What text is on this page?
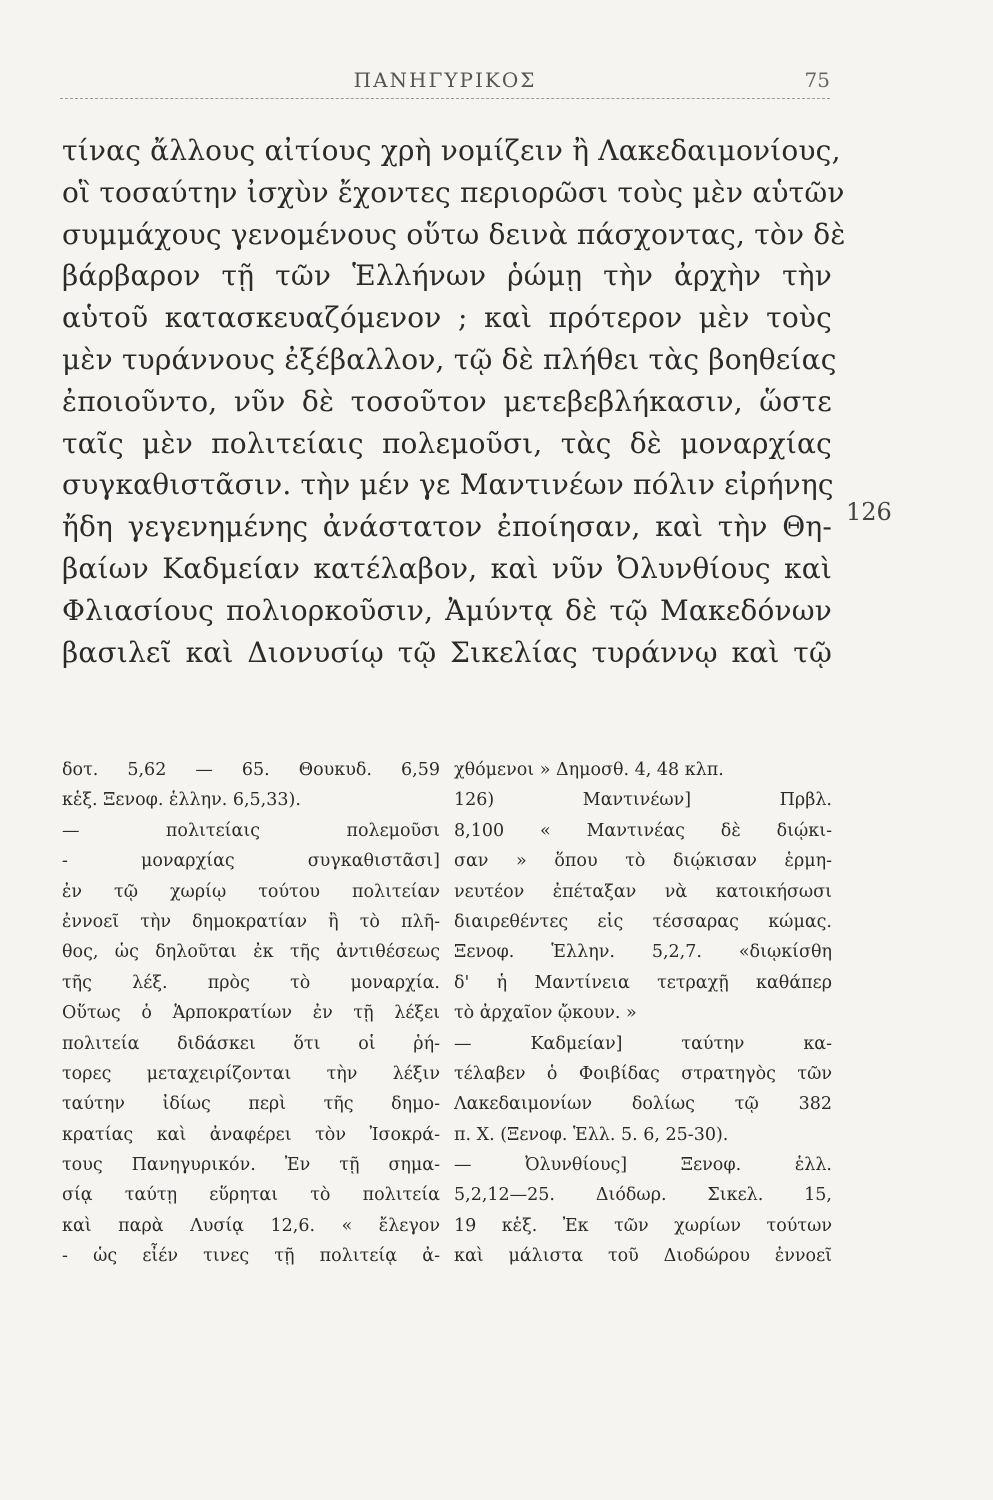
ΠΑΝΗΓΥΡΙΚΟΣ	75
τίνας ἄλλους αἰτίους χρὴ νομίζειν ἢ Λακεδαιμονίους,
οἳ τοσαύτην ἰσχὺν ἔχοντες περιορῶσι τοὺς μὲν αὑτῶν
συμμάχους γενομένους οὕτω δεινὰ πάσχοντας, τὸν δὲ
βάρβαρον τῇ τῶν Ἑλλήνων ῥώμῃ τὴν ἀρχὴν τὴν
αὑτοῦ κατασκευαζόμενον ; καὶ πρότερον μὲν τοὺς
μὲν τυράννους ἐξέβαλλον, τῷ δὲ πλήθει τὰς βοηθείας
ἐποιοῦντο, νῦν δὲ τοσοῦτον μετεβεβλήκασιν, ὥστε
ταῖς μὲν πολιτείαις πολεμοῦσι, τὰς δὲ μοναρχίας
συγκαθιστᾶσιν. τὴν μέν γε Μαντινέων πόλιν εἰρήνης
ἤδη γεγενημένης ἀνάστατον ἐποίησαν, καὶ τὴν Θη-
βαίων Καδμείαν κατέλαβον, καὶ νῦν Ὀλυνθίους καὶ
Φλιασίους πολιορκοῦσιν, Ἀμύντᾳ δὲ τῷ Μακεδόνων
βασιλεῖ καὶ Διονυσίῳ τῷ Σικελίας τυράννῳ καὶ τῷ
126
δοτ. 5,62 — 65. Θουκυδ. 6,59
κἑξ. Ξενοφ. ἑλλην. 6,5,33).
— πολιτείαις πολεμοῦσι
- μοναρχίας συγκαθιστᾶσι]
ἐν τῷ χωρίῳ τούτου πολιτείαν
ἐννοεῖ τὴν δημοκρατίαν ἢ τὸ πλῆ-
θος, ὡς δηλοῦται ἐκ τῆς ἀντιθέσεως
τῆς λέξ. πρὸς τὸ μοναρχία.
Οὕτως ὁ Ἁρποκρατίων ἐν τῇ λέξει
πολιτεία διδάσκει ὅτι οἱ ῥή-
τορες μεταχειρίζονται τὴν λέξιν
ταύτην ἰδίως περὶ τῆς δημο-
κρατίας καὶ ἀναφέρει τὸν Ἰσοκρά-
τους Πανηγυρικόν. Ἐν τῇ σημα-
σίᾳ ταύτῃ εὕρηται τὸ πολιτεία
καὶ παρὰ Λυσίᾳ 12,6. « ἔλεγον
- ὡς εἶέν τινες τῇ πολιτείᾳ ἀ-
χθόμενοι » Δημοσθ. 4, 48 κλπ.
126) Μαντινέων] Πρβλ.
8,100 « Μαντινέας δὲ διῴκι-
σαν » ὅπου τὸ διῴκισαν ἑρμη-
νευτέον ἐπέταξαν νὰ κατοικήσωσι
διαιρεθέντες εἰς τέσσαρας κώμας.
Ξενοφ. Ἑλλην. 5,2,7. «διῳκίσθη
δ' ἡ Μαντίνεια τετραχῇ καθάπερ
τὸ ἀρχαῖον ᾤκουν. »
— Καδμείαν] ταύτην κα-
τέλαβεν ὁ Φοιβίδας στρατηγὸς τῶν
Λακεδαιμονίων δολίως τῷ 382
π. Χ. (Ξενοφ. Ἑλλ. 5. 6, 25-30).
— Ὀλυνθίους] Ξενοφ. ἑλλ.
5,2,12—25. Διόδωρ. Σικελ. 15,
19 κἑξ. Ἐκ τῶν χωρίων τούτων
καὶ μάλιστα τοῦ Διοδώρου ἐννοεῖ
